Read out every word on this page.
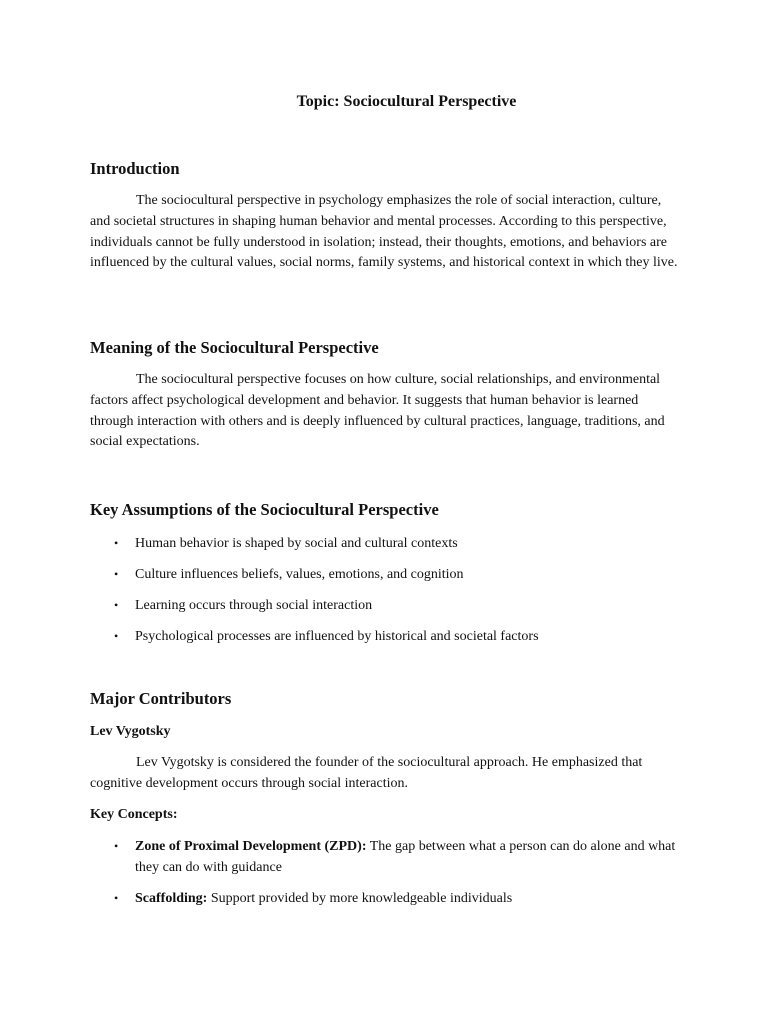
Topic: Sociocultural Perspective
Introduction

The sociocultural perspective in psychology emphasizes the role of social interaction, culture, and societal structures in shaping human behavior and mental processes. According to this perspective, individuals cannot be fully understood in isolation; instead, their thoughts, emotions, and behaviors are influenced by the cultural values, social norms, family systems, and historical context in which they live.

Meaning of the Sociocultural Perspective

The sociocultural perspective focuses on how culture, social relationships, and environmental factors affect psychological development and behavior. It suggests that human behavior is learned through interaction with others and is deeply influenced by cultural practices, language, traditions, and social expectations.

Key Assumptions of the Sociocultural Perspective
• Human behavior is shaped by social and cultural contexts
• Culture influences beliefs, values, emotions, and cognition
• Learning occurs through social interaction
• Psychological processes are influenced by historical and societal factors
Major Contributors
Lev Vygotsky

Lev Vygotsky is considered the founder of the sociocultural approach. He emphasized that cognitive development occurs through social interaction.

Key Concepts:
• Zone of Proximal Development (ZPD): The gap between what a person can do alone and what they can do with guidance
• Scaffolding: Support provided by more knowledgeable individuals
